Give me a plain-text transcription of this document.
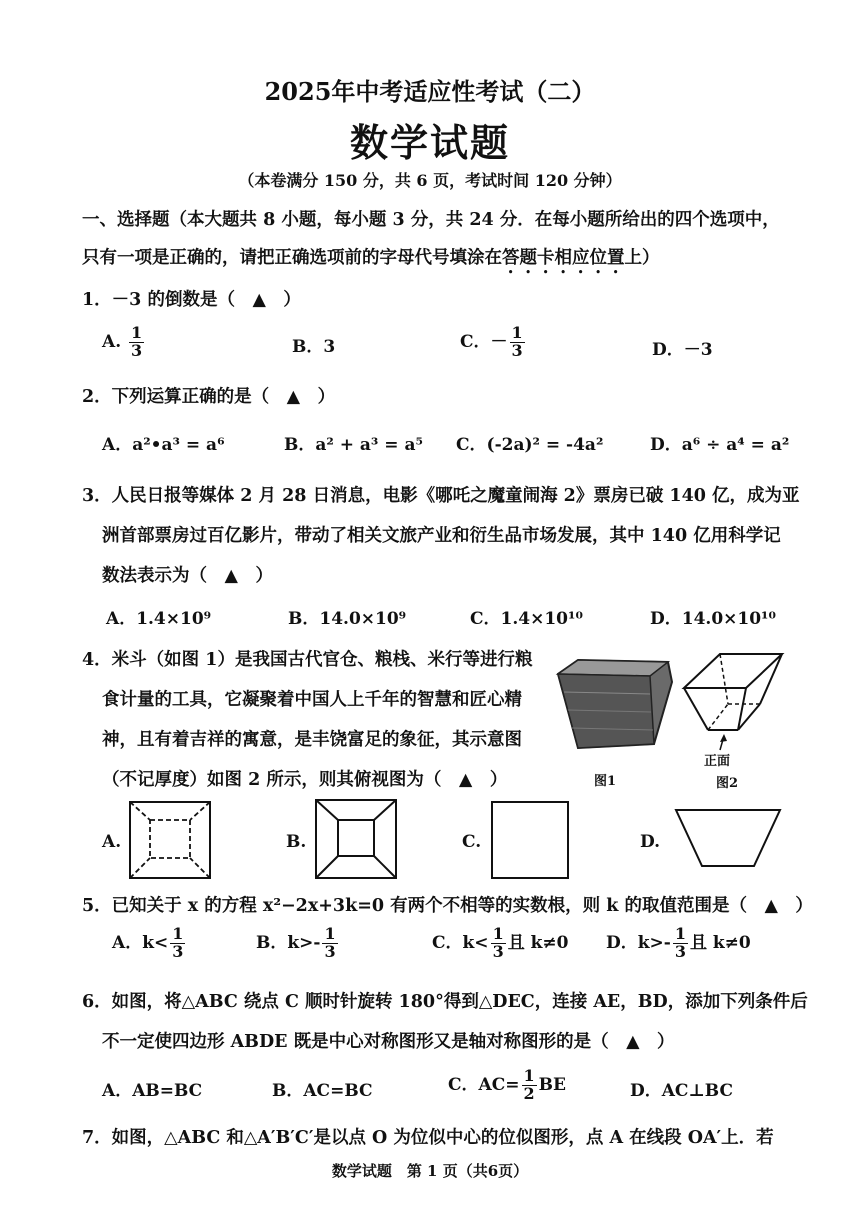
2025年中考适应性考试（二）
数学试题
（本卷满分 150 分，共 6 页，考试时间 120 分钟）
一、选择题（本大题共 8 小题，每小题 3 分，共 24 分．在每小题所给出的四个选项中，
只有一项是正确的，请把正确选项前的字母代号填涂在答题卡相应位置上）
1．－3 的倒数是（　▲　）
A. $\frac{1}{3}$	B．3	C．－ $\frac{1}{3}$	D．－3
2．下列运算正确的是（　▲　）
A．a²•a³ = a⁶	B．a² + a³ = a⁵ C．(-2a)² = -4a²	D．a⁶ ÷ a⁴ = a²
3．人民日报等媒体 2 月 28 日消息，电影《哪吒之魔童闹海 2》票房已破 140 亿，成为亚
洲首部票房过百亿影片，带动了相关文旅产业和衍生品市场发展，其中 140 亿用科学记
数法表示为（　▲　）
A．1.4×10⁹	B．14.0×10⁹	C．1.4×10¹⁰	D．14.0×10¹⁰
4．米斗（如图 1）是我国古代官仓、粮栈、米行等进行粮
食计量的工具，它凝聚着中国人上千年的智慧和匠心精
神，且有着吉祥的寓意，是丰饶富足的象征，其示意图
（不记厚度）如图 2 所示，则其俯视图为（　▲　）	图1
正面
图2
A.	B.	C.	D.
5．已知关于 x 的方程 x²−2x+3k=0 有两个不相等的实数根，则 k 的取值范围是（　▲　）
A．$k< \frac{1}{3}$	B．$k>- \frac{1}{3}$	C．$k< \frac{1}{3}$ 且 k≠0 D．$k>- \frac{1}{3}$ 且 k≠0
6．如图，将△ABC 绕点 C 顺时针旋转 180°得到△DEC，连接 AE，BD，添加下列条件后
不一定使四边形 ABDE 既是中心对称图形又是轴对称图形的是（　▲　）
A．AB=BC	B．AC=BC	C．$AC= \frac{1}{2}$ BE	D．AC⊥BC
7．如图，△ABC 和△A′B′C′是以点 O 为位似中心的位似图形，点 A 在线段 OA′上．若
数学试题　第 1 页（共6页）
